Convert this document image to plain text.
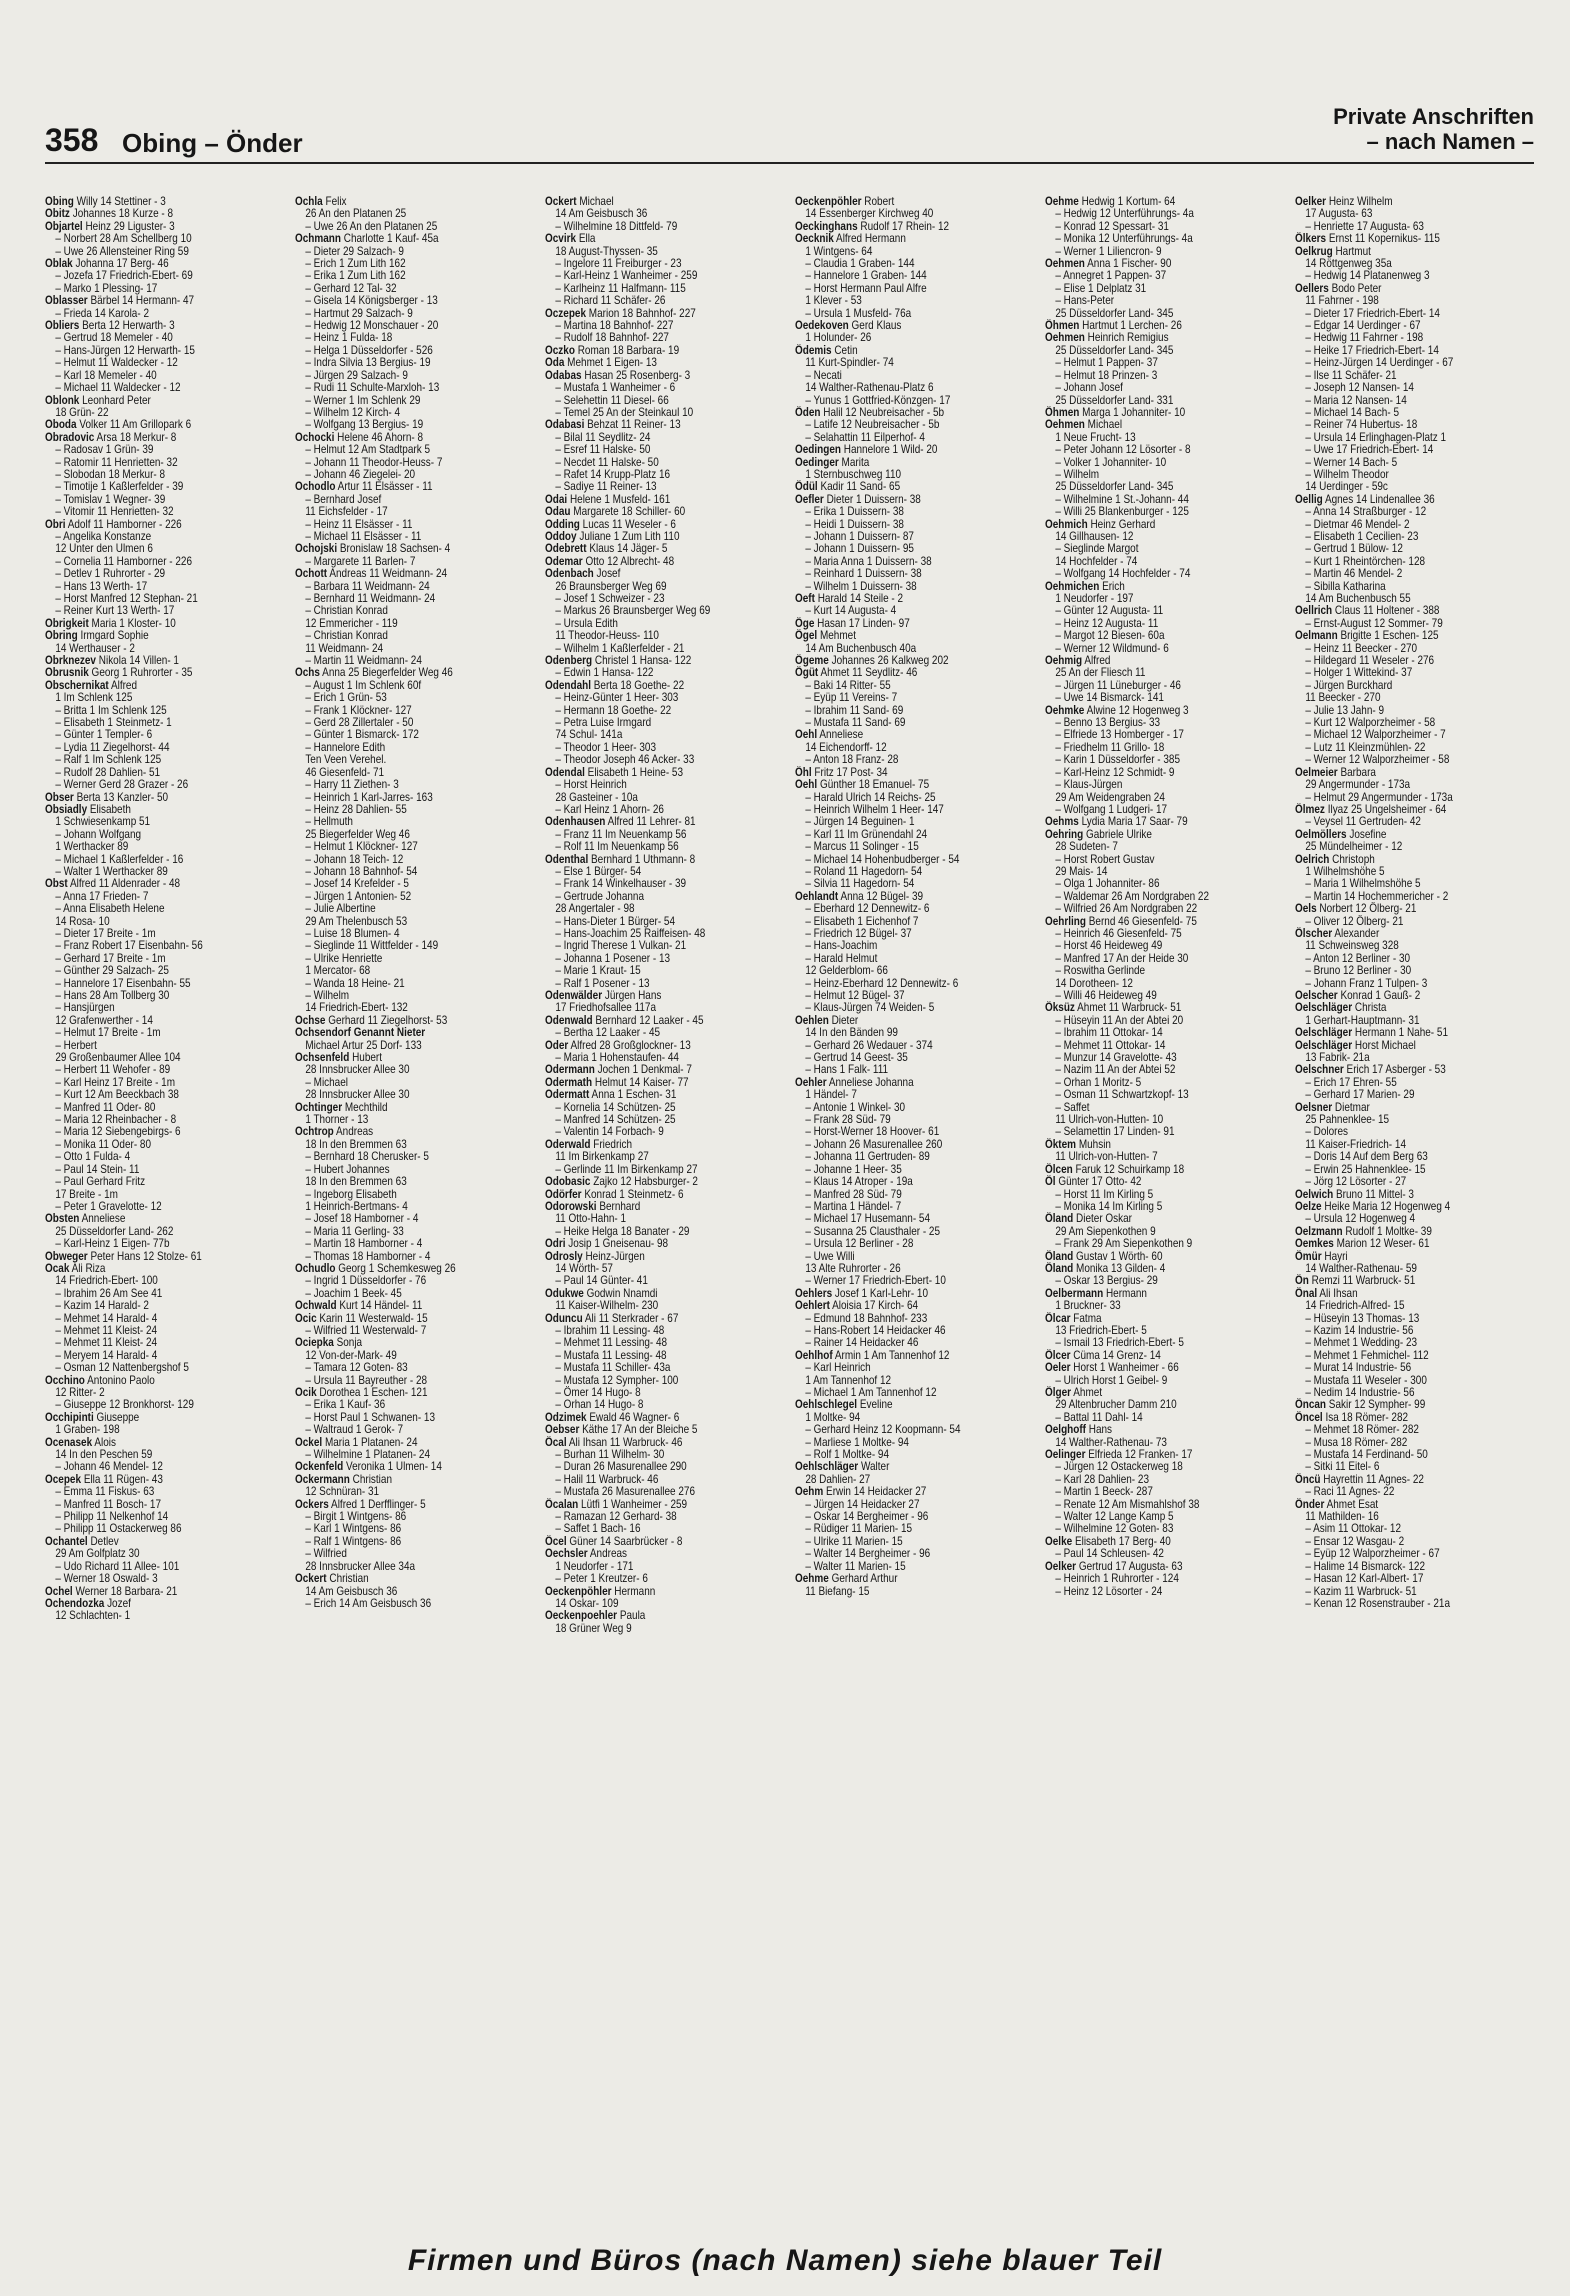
358 Obing – Önder
Private Anschriften
– nach Namen –
Obing Willy 14 Stettiner - 3
Obitz Johannes 18 Kurze - 8
Objartel Heinz 29 Liguster- 3
– Norbert 28 Am Schellberg 10
– Uwe 26 Allensteiner Ring 59
Oblak Johanna 17 Berg- 46
– Jozefa 17 Friedrich-Ebert- 69
– Marko 1 Plessing- 17
Oblasser Bärbel 14 Hermann- 47
– Frieda 14 Karola- 2
Obliers Berta 12 Herwarth- 3
– Gertrud 18 Memeler - 40
– Hans-Jürgen 12 Herwarth- 15
– Helmut 11 Waldecker - 12
– Karl 18 Memeler - 40
– Michael 11 Waldecker - 12
Oblonk Leonhard Peter
18 Grün- 22
Oboda Volker 11 Am Grillopark 6
Obradovic Arsa 18 Merkur- 8
– Radosav 1 Grün- 39
– Ratomir 11 Henrietten- 32
– Slobodan 18 Merkur- 8
– Timotije 1 Kaßlerfelder - 39
– Tomislav 1 Wegner- 39
– Vitomir 11 Henrietten- 32
Obri Adolf 11 Hamborner - 226
– Angelika Konstanze
12 Unter den Ulmen 6
– Cornelia 11 Hamborner - 226
– Detlev 1 Ruhrorter - 29
– Hans 13 Werth- 17
– Horst Manfred 12 Stephan- 21
– Reiner Kurt 13 Werth- 17
Obrigkeit Maria 1 Kloster- 10
Obring Irmgard Sophie
14 Werthauser - 2
Obrknezev Nikola 14 Villen- 1
Obrusnik Georg 1 Ruhrorter - 35
Obschernikat Alfred
1 Im Schlenk 125
– Britta 1 Im Schlenk 125
– Elisabeth 1 Steinmetz- 1
– Günter 1 Templer- 6
– Lydia 11 Ziegelhorst- 44
– Ralf 1 Im Schlenk 125
– Rudolf 28 Dahlien- 51
– Werner Gerd 28 Grazer - 26
Obser Berta 13 Kanzler- 50
Obsiadly Elisabeth
1 Schwiesenkamp 51
– Johann Wolfgang
1 Werthacker 89
– Michael 1 Kaßlerfelder - 16
– Walter 1 Werthacker 89
Obst Alfred 11 Aldenrader - 48
– Anna 17 Frieden- 7
– Anna Elisabeth Helene
14 Rosa- 10
– Dieter 17 Breite - 1m
– Franz Robert 17 Eisenbahn- 56
– Gerhard 17 Breite - 1m
– Günther 29 Salzach- 25
– Hannelore 17 Eisenbahn- 55
– Hans 28 Am Tollberg 30
– Hansjürgen
12 Grafenwerther - 14
– Helmut 17 Breite - 1m
– Herbert
29 Großenbaumer Allee 104
– Herbert 11 Wehofer - 89
– Karl Heinz 17 Breite - 1m
– Kurt 12 Am Beeckbach 38
– Manfred 11 Oder- 80
– Maria 12 Rheinbacher - 8
– Maria 12 Siebengebirgs- 6
– Monika 11 Oder- 80
– Otto 1 Fulda- 4
– Paul 14 Stein- 11
– Paul Gerhard Fritz
17 Breite - 1m
– Peter 1 Gravelotte- 12
Obsten Anneliese
25 Düsseldorfer Land- 262
– Karl-Heinz 1 Eigen- 77b
Obweger Peter Hans 12 Stolze- 61
Ocak Ali Riza
14 Friedrich-Ebert- 100
– Ibrahim 26 Am See 41
– Kazim 14 Harald- 2
– Mehmet 14 Harald- 4
– Mehmet 11 Kleist- 24
– Mehmet 11 Kleist- 24
– Meryem 14 Harald- 4
– Osman 12 Nattenbergshof 5
Occhino Antonino Paolo
12 Ritter- 2
– Giuseppe 12 Bronkhorst- 129
Occhipinti Giuseppe
1 Graben- 198
Ocenasek Alois
14 In den Peschen 59
– Johann 46 Mendel- 12
Ocepek Ella 11 Rügen- 43
– Emma 11 Fiskus- 63
– Manfred 11 Bosch- 17
– Philipp 11 Nelkenhof 14
– Philipp 11 Ostackerweg 86
Ochantel Detlev
29 Am Golfplatz 30
– Udo Richard 11 Allee- 101
– Werner 18 Oswald- 3
Ochel Werner 18 Barbara- 21
Ochendozka Jozef
12 Schlachten- 1
Ochla Felix
26 An den Platanen 25
– Uwe 26 An den Platanen 25
Ochmann Charlotte 1 Kauf- 45a
– Dieter 29 Salzach- 9
– Erich 1 Zum Lith 162
– Erika 1 Zum Lith 162
– Gerhard 12 Tal- 32
– Gisela 14 Königsberger - 13
– Hartmut 29 Salzach- 9
– Hedwig 12 Monschauer - 20
– Heinz 1 Fulda- 18
– Helga 1 Düsseldorfer - 526
– Indra Silvia 13 Bergius- 19
– Jürgen 29 Salzach- 9
– Rudi 11 Schulte-Marxloh- 13
– Werner 1 Im Schlenk 29
– Wilhelm 12 Kirch- 4
– Wolfgang 13 Bergius- 19
Ochocki Helene 46 Ahorn- 8
– Helmut 12 Am Stadtpark 5
– Johann 11 Theodor-Heuss- 7
– Johann 46 Ziegelei- 20
Ochodlo Artur 11 Elsässer - 11
– Bernhard Josef
11 Eichsfelder - 17
– Heinz 11 Elsässer - 11
– Michael 11 Elsässer - 11
Ochojski Bronislaw 18 Sachsen- 4
– Margarete 11 Barlen- 7
Ochott Andreas 11 Weidmann- 24
– Barbara 11 Weidmann- 24
– Bernhard 11 Weidmann- 24
– Christian Konrad
12 Emmericher - 119
– Christian Konrad
11 Weidmann- 24
– Martin 11 Weidmann- 24
Ochs Anna 25 Biegerfelder Weg 46
– August 1 Im Schlenk 60f
– Erich 1 Grün- 53
– Frank 1 Klöckner- 127
– Gerd 28 Zillertaler - 50
– Günter 1 Bismarck- 172
– Hannelore Edith
Ten Veen Verehel.
46 Giesenfeld- 71
– Harry 11 Ziethen- 3
– Heinrich 1 Karl-Jarres- 163
– Heinz 28 Dahlien- 55
– Hellmuth
25 Biegerfelder Weg 46
– Helmut 1 Klöckner- 127
– Johann 18 Teich- 12
– Johann 18 Bahnhof- 54
– Josef 14 Krefelder - 5
– Jürgen 1 Antonien- 52
– Julie Albertine
29 Am Thelenbusch 53
– Luise 18 Blumen- 4
– Sieglinde 11 Wittfelder - 149
– Ulrike Henriette
1 Mercator- 68
– Wanda 18 Heine- 21
– Wilhelm
14 Friedrich-Ebert- 132
Ochse Gerhard 11 Ziegelhorst- 53
Ochsendorf Genannt Nieter
Michael Artur 25 Dorf- 133
Ochsenfeld Hubert
28 Innsbrucker Allee 30
– Michael
28 Innsbrucker Allee 30
Ochtinger Mechthild
1 Thorner - 13
Ochtrop Andreas
18 In den Bremmen 63
– Bernhard 18 Cherusker- 5
– Hubert Johannes
18 In den Bremmen 63
– Ingeborg Elisabeth
1 Heinrich-Bertmans- 4
– Josef 18 Hamborner - 4
– Maria 11 Gerling- 33
– Martin 18 Hamborner - 4
– Thomas 18 Hamborner - 4
Ochudlo Georg 1 Schemkesweg 26
– Ingrid 1 Düsseldorfer - 76
– Joachim 1 Beek- 45
Ochwald Kurt 14 Händel- 11
Ocic Karin 11 Westerwald- 15
– Wilfried 11 Westerwald- 7
Ociepka Sonja
12 Von-der-Mark- 49
– Tamara 12 Goten- 83
– Ursula 11 Bayreuther - 28
Ocik Dorothea 1 Eschen- 121
– Erika 1 Kauf- 36
– Horst Paul 1 Schwanen- 13
– Waltraud 1 Gerok- 7
Ockel Maria 1 Platanen- 24
– Wilhelmine 1 Platanen- 24
Ockenfeld Veronika 1 Ulmen- 14
Ockermann Christian
12 Schnüran- 31
Ockers Alfred 1 Derfflinger- 5
– Birgit 1 Wintgens- 86
– Karl 1 Wintgens- 86
– Ralf 1 Wintgens- 86
– Wilfried
28 Innsbrucker Allee 34a
Ockert Christian
14 Am Geisbusch 36
– Erich 14 Am Geisbusch 36
Ockert Michael
14 Am Geisbusch 36
– Wilhelmine 18 Dittfeld- 79
Ocvirk Ella
18 August-Thyssen- 35
– Ingelore 11 Freiburger - 23
– Karl-Heinz 1 Wanheimer - 259
– Karlheinz 11 Halfmann- 115
– Richard 11 Schäfer- 26
Oczepek Marion 18 Bahnhof- 227
– Martina 18 Bahnhof- 227
– Rudolf 18 Bahnhof- 227
Oczko Roman 18 Barbara- 19
Oda Mehmet 1 Eigen- 13
Odabas Hasan 25 Rosenberg- 3
– Mustafa 1 Wanheimer - 6
– Selehettin 11 Diesel- 66
– Temel 25 An der Steinkaul 10
Odabasi Behzat 11 Reiner- 13
– Bilal 11 Seydlitz- 24
– Esref 11 Halske- 50
– Necdet 11 Halske- 50
– Rafet 14 Krupp-Platz 16
– Sadiye 11 Reiner- 13
Odai Helene 1 Musfeld- 161
Odau Margarete 18 Schiller- 60
Odding Lucas 11 Weseler - 6
Oddoy Juliane 1 Zum Lith 110
Odebrett Klaus 14 Jäger- 5
Odemar Otto 12 Albrecht- 48
Odenbach Josef
26 Braunsberger Weg 69
– Josef 1 Schweizer - 23
– Markus 26 Braunsberger Weg 69
– Ursula Edith
11 Theodor-Heuss- 110
– Wilhelm 1 Kaßlerfelder - 21
Odenberg Christel 1 Hansa- 122
– Edwin 1 Hansa- 122
Odendahl Berta 18 Goethe- 22
– Heinz-Günter 1 Heer- 303
– Hermann 18 Goethe- 22
– Petra Luise Irmgard
74 Schul- 141a
– Theodor 1 Heer- 303
– Theodor Joseph 46 Acker- 33
Odendal Elisabeth 1 Heine- 53
– Horst Heinrich
28 Gasteiner - 10a
– Karl Heinz 1 Ahorn- 26
Odenhausen Alfred 11 Lehrer- 81
– Franz 11 Im Neuenkamp 56
– Rolf 11 Im Neuenkamp 56
Odenthal Bernhard 1 Uthmann- 8
– Else 1 Bürger- 54
– Frank 14 Winkelhauser - 39
– Gertrude Johanna
28 Angertaler - 98
– Hans-Dieter 1 Bürger- 54
– Hans-Joachim 25 Raiffeisen- 48
– Ingrid Therese 1 Vulkan- 21
– Johanna 1 Posener - 13
– Marie 1 Kraut- 15
– Ralf 1 Posener - 13
Odenwälder Jürgen Hans
17 Friedhofsallee 117a
Odenwald Bernhard 12 Laaker - 45
– Bertha 12 Laaker - 45
Oder Alfred 28 Großglockner- 13
– Maria 1 Hohenstaufen- 44
Odermann Jochen 1 Denkmal- 7
Odermath Helmut 14 Kaiser- 77
Odermatt Anna 1 Eschen- 31
– Kornelia 14 Schützen- 25
– Manfred 14 Schützen- 25
– Valentin 14 Forbach- 9
Oderwald Friedrich
11 Im Birkenkamp 27
– Gerlinde 11 Im Birkenkamp 27
Odobasic Zajko 12 Habsburger- 2
Odörfer Konrad 1 Steinmetz- 6
Odorowski Bernhard
11 Otto-Hahn- 1
– Heike Helga 18 Banater - 29
Odri Josip 1 Gneisenau- 98
Odrosly Heinz-Jürgen
14 Wörth- 57
– Paul 14 Günter- 41
Odukwe Godwin Nnamdi
11 Kaiser-Wilhelm- 230
Oduncu Ali 11 Sterkrader - 67
– Ibrahim 11 Lessing- 48
– Mehmet 11 Lessing- 48
– Mustafa 11 Lessing- 48
– Mustafa 11 Schiller- 43a
– Mustafa 12 Sympher- 100
– Ömer 14 Hugo- 8
– Orhan 14 Hugo- 8
Odzimek Ewald 46 Wagner- 6
Oebser Käthe 17 An der Bleiche 5
Öcal Ali Ihsan 11 Warbruck- 46
– Burhan 11 Wilhelm- 30
– Duran 26 Masurenallee 290
– Halil 11 Warbruck- 46
– Mustafa 26 Masurenallee 276
Öcalan Lütfi 1 Wanheimer - 259
– Ramazan 12 Gerhard- 38
– Saffet 1 Bach- 16
Öcel Güner 14 Saarbrücker - 8
Oechsler Andreas
1 Neudorfer - 171
– Peter 1 Kreutzer- 6
Oeckenpöhler Hermann
14 Oskar- 109
Oeckenpoehler Paula
18 Grüner Weg 9
Oeckenpöhler Robert
14 Essenberger Kirchweg 40
Oeckinghans Rudolf 17 Rhein- 12
Oecknik Alfred Hermann
1 Wintgens- 64
– Claudia 1 Graben- 144
– Hannelore 1 Graben- 144
– Horst Hermann Paul Alfre
1 Klever - 53
– Ursula 1 Musfeld- 76a
Oedekoven Gerd Klaus
1 Holunder- 26
Ödemis Cetin
11 Kurt-Spindler- 74
– Necati
14 Walther-Rathenau-Platz 6
– Yunus 1 Gottfried-Könzgen- 17
Öden Halil 12 Neubreisacher - 5b
– Latife 12 Neubreisacher - 5b
– Selahattin 11 Eilperhof- 4
Oedingen Hannelore 1 Wild- 20
Oedinger Marita
1 Sternbuschweg 110
Ödül Kadir 11 Sand- 65
Oefler Dieter 1 Duissern- 38
– Erika 1 Duissern- 38
– Heidi 1 Duissern- 38
– Johann 1 Duissern- 87
– Johann 1 Duissern- 95
– Maria Anna 1 Duissern- 38
– Reinhard 1 Duissern- 38
– Wilhelm 1 Duissern- 38
Oeft Harald 14 Steile - 2
– Kurt 14 Augusta- 4
Öge Hasan 17 Linden- 97
Ögel Mehmet
14 Am Buchenbusch 40a
Ögeme Johannes 26 Kalkweg 202
Ögüt Ahmet 11 Seydlitz- 46
– Baki 14 Ritter- 55
– Eyüp 11 Vereins- 7
– Ibrahim 11 Sand- 69
– Mustafa 11 Sand- 69
Oehl Anneliese
14 Eichendorff- 12
– Anton 18 Franz- 28
Öhl Fritz 17 Post- 34
Oehl Günther 18 Emanuel- 75
– Harald Ulrich 14 Reichs- 25
– Heinrich Wilhelm 1 Heer- 147
– Jürgen 14 Beguinen- 1
– Karl 11 Im Grünendahl 24
– Marcus 11 Solinger - 15
– Michael 14 Hohenbudberger - 54
– Roland 11 Hagedorn- 54
– Silvia 11 Hagedorn- 54
Oehlandt Anna 12 Bügel- 39
– Eberhard 12 Dennewitz- 6
– Elisabeth 1 Eichenhof 7
– Friedrich 12 Bügel- 37
– Hans-Joachim
– Harald Helmut
12 Gelderblom- 66
– Heinz-Eberhard 12 Dennewitz- 6
– Helmut 12 Bügel- 37
– Klaus-Jürgen 74 Weiden- 5
Oehlen Dieter
14 In den Bänden 99
– Gerhard 26 Wedauer - 374
– Gertrud 14 Geest- 35
– Hans 1 Falk- 111
Oehler Anneliese Johanna
1 Händel- 7
– Antonie 1 Winkel- 30
– Frank 28 Süd- 79
– Horst-Werner 18 Hoover- 61
– Johann 26 Masurenallee 260
– Johanna 11 Gertruden- 89
– Johanne 1 Heer- 35
– Klaus 14 Atroper - 19a
– Manfred 28 Süd- 79
– Martina 1 Händel- 7
– Michael 17 Husemann- 54
– Susanna 25 Clausthaler - 25
– Ursula 12 Berliner - 28
– Uwe Willi
13 Alte Ruhrorter - 26
– Werner 17 Friedrich-Ebert- 10
Oehlers Josef 1 Karl-Lehr- 10
Oehlert Aloisia 17 Kirch- 64
– Edmund 18 Bahnhof- 233
– Hans-Robert 14 Heidacker 46
– Rainer 14 Heidacker 46
Oehlhof Armin 1 Am Tannenhof 12
– Karl Heinrich
1 Am Tannenhof 12
– Michael 1 Am Tannenhof 12
Oehlschlegel Eveline
1 Moltke- 94
– Gerhard Heinz 12 Koopmann- 54
– Marliese 1 Moltke- 94
– Rolf 1 Moltke- 94
Oehlschläger Walter
28 Dahlien- 27
Oehm Erwin 14 Heidacker 27
– Jürgen 14 Heidacker 27
– Oskar 14 Bergheimer - 96
– Rüdiger 11 Marien- 15
– Ulrike 11 Marien- 15
– Walter 14 Bergheimer - 96
– Walter 11 Marien- 15
Oehme Gerhard Arthur
11 Biefang- 15
Oehme Hedwig 1 Kortum- 64
– Hedwig 12 Unterführungs- 4a
– Konrad 12 Spessart- 31
– Monika 12 Unterführungs- 4a
– Werner 1 Liliencron- 9
Oehmen Anna 1 Fischer- 90
– Annegret 1 Pappen- 37
– Elise 1 Delplatz 31
– Hans-Peter
25 Düsseldorfer Land- 345
Öhmen Hartmut 1 Lerchen- 26
Oehmen Heinrich Remigius
25 Düsseldorfer Land- 345
– Helmut 1 Pappen- 37
– Helmut 18 Prinzen- 3
– Johann Josef
25 Düsseldorfer Land- 331
Öhmen Marga 1 Johanniter- 10
Oehmen Michael
1 Neue Frucht- 13
– Peter Johann 12 Lösorter - 8
– Volker 1 Johanniter- 10
– Wilhelm
25 Düsseldorfer Land- 345
– Wilhelmine 1 St.-Johann- 44
– Willi 25 Blankenburger - 125
Oehmich Heinz Gerhard
14 Gillhausen- 12
– Sieglinde Margot
14 Hochfelder - 74
– Wolfgang 14 Hochfelder - 74
Oehmichen Erich
1 Neudorfer - 197
– Günter 12 Augusta- 11
– Heinz 12 Augusta- 11
– Margot 12 Biesen- 60a
– Werner 12 Wildmund- 6
Oehmig Alfred
25 An der Fliesch 11
– Jürgen 11 Lüneburger - 46
– Uwe 14 Bismarck- 141
Oehmke Alwine 12 Hogenweg 3
– Benno 13 Bergius- 33
– Elfriede 13 Homberger - 17
– Friedhelm 11 Grillo- 18
– Karin 1 Düsseldorfer - 385
– Karl-Heinz 12 Schmidt- 9
– Klaus-Jürgen
29 Am Weidengraben 24
– Wolfgang 1 Ludgeri- 17
Oehms Lydia Maria 17 Saar- 79
Oehring Gabriele Ulrike
28 Sudeten- 7
– Horst Robert Gustav
29 Mais- 14
– Olga 1 Johanniter- 86
– Waldemar 26 Am Nordgraben 22
– Wilfried 26 Am Nordgraben 22
Oehrling Bernd 46 Giesenfeld- 75
– Heinrich 46 Giesenfeld- 75
– Horst 46 Heideweg 49
– Manfred 17 An der Heide 30
– Roswitha Gerlinde
14 Dorotheen- 12
– Willi 46 Heideweg 49
Öksüz Ahmet 11 Warbruck- 51
– Hüseyin 11 An der Abtei 20
– Ibrahim 11 Ottokar- 14
– Mehmet 11 Ottokar- 14
– Munzur 14 Gravelotte- 43
– Nazim 11 An der Abtei 52
– Orhan 1 Moritz- 5
– Osman 11 Schwartzkopf- 13
– Saffet
11 Ulrich-von-Hutten- 10
– Selamettin 17 Linden- 91
Öktem Muhsin
11 Ulrich-von-Hutten- 7
Ölcen Faruk 12 Schuirkamp 18
Öl Günter 17 Otto- 42
– Horst 11 Im Kirling 5
– Monika 14 Im Kirling 5
Öland Dieter Oskar
29 Am Siepenkothen 9
– Frank 29 Am Siepenkothen 9
Öland Gustav 1 Wörth- 60
Öland Monika 13 Gilden- 4
– Oskar 13 Bergius- 29
Oelbermann Hermann
1 Bruckner- 33
Ölcar Fatma
13 Friedrich-Ebert- 5
– Ismail 13 Friedrich-Ebert- 5
Ölcer Cüma 14 Grenz- 14
Oeler Horst 1 Wanheimer - 66
– Ulrich Horst 1 Geibel- 9
Ölger Ahmet
29 Altenbrucher Damm 210
– Battal 11 Dahl- 14
Oelghoff Hans
14 Walther-Rathenau- 73
Oelinger Elfrieda 12 Franken- 17
– Jürgen 12 Ostackerweg 18
– Karl 28 Dahlien- 23
– Martin 1 Beeck- 287
– Renate 12 Am Mismahlshof 38
– Walter 12 Lange Kamp 5
– Wilhelmine 12 Goten- 83
Oelke Elisabeth 17 Berg- 40
– Paul 14 Schleusen- 42
Oelker Gertrud 17 Augusta- 63
– Heinrich 1 Ruhrorter - 124
– Heinz 12 Lösorter - 24
Oelker Heinz Wilhelm
17 Augusta- 63
– Henriette 17 Augusta- 63
Ölkers Ernst 11 Kopernikus- 115
Oelkrug Hartmut
14 Röttgenweg 35a
– Hedwig 14 Platanenweg 3
Oellers Bodo Peter
11 Fahrner - 198
– Dieter 17 Friedrich-Ebert- 14
– Edgar 14 Uerdinger - 67
– Hedwig 11 Fahrner - 198
– Heike 17 Friedrich-Ebert- 14
– Heinz-Jürgen 14 Uerdinger - 67
– Ilse 11 Schäfer- 21
– Joseph 12 Nansen- 14
– Maria 12 Nansen- 14
– Michael 14 Bach- 5
– Reiner 74 Hubertus- 18
– Ursula 14 Erlinghagen-Platz 1
– Uwe 17 Friedrich-Ebert- 14
– Werner 14 Bach- 5
– Wilhelm Theodor
14 Uerdinger - 59c
Oellig Agnes 14 Lindenallee 36
– Anna 14 Straßburger - 12
– Dietmar 46 Mendel- 2
– Elisabeth 1 Cecilien- 23
– Gertrud 1 Bülow- 12
– Kurt 1 Rheintörchen- 128
– Martin 46 Mendel- 2
– Sibilla Katharina
14 Am Buchenbusch 55
Oellrich Claus 11 Holtener - 388
– Ernst-August 12 Sommer- 79
Oelmann Brigitte 1 Eschen- 125
– Heinz 11 Beecker - 270
– Hildegard 11 Weseler - 276
– Holger 1 Wittekind- 37
– Jürgen Burckhard
11 Beecker - 270
– Julie 13 Jahn- 9
– Kurt 12 Walporzheimer - 58
– Michael 12 Walporzheimer - 7
– Lutz 11 Kleinzmühlen- 22
– Werner 12 Walporzheimer - 58
Oelmeier Barbara
29 Angermunder - 173a
– Helmut 29 Angermunder - 173a
Ölmez Ilyaz 25 Ungelsheimer - 64
– Veysel 11 Gertruden- 42
Oelmöllers Josefine
25 Mündelheimer - 12
Oelrich Christoph
1 Wilhelmshöhe 5
– Maria 1 Wilhelmshöhe 5
– Martin 14 Hochemmericher - 2
Oels Norbert 12 Ölberg- 21
– Oliver 12 Ölberg- 21
Ölscher Alexander
11 Schweinsweg 328
– Anton 12 Berliner - 30
– Bruno 12 Berliner - 30
– Johann Franz 1 Tulpen- 3
Oelscher Konrad 1 Gauß- 2
Oelschläger Christa
1 Gerhart-Hauptmann- 31
Oelschläger Hermann 1 Nahe- 51
Oelschläger Horst Michael
13 Fabrik- 21a
Oelschner Erich 17 Asberger - 53
– Erich 17 Ehren- 55
– Gerhard 17 Marien- 29
Oelsner Dietmar
25 Pahnenklee- 15
– Dolores
11 Kaiser-Friedrich- 14
– Doris 14 Auf dem Berg 63
– Erwin 25 Hahnenklee- 15
– Jörg 12 Lösorter - 27
Oelwich Bruno 11 Mittel- 3
Oelze Heike Maria 12 Hogenweg 4
– Ursula 12 Hogenweg 4
Oelzmann Rudolf 1 Moltke- 39
Oemkes Marion 12 Weser- 61
Ömür Hayri
14 Walther-Rathenau- 59
Ön Remzi 11 Warbruck- 51
Önal Ali Ihsan
14 Friedrich-Alfred- 15
– Hüseyin 13 Thomas- 13
– Kazim 14 Industrie- 56
– Mehmet 1 Wedding- 23
– Mehmet 1 Fehmichel- 112
– Murat 14 Industrie- 56
– Mustafa 11 Weseler - 300
– Nedim 14 Industrie- 56
Öncan Sakir 12 Sympher- 99
Öncel Isa 18 Römer- 282
– Mehmet 18 Römer- 282
– Musa 18 Römer- 282
– Mustafa 14 Ferdinand- 50
– Sitki 11 Eitel- 6
Öncü Hayrettin 11 Agnes- 22
– Raci 11 Agnes- 22
Önder Ahmet Esat
11 Mathilden- 16
– Asim 11 Ottokar- 12
– Ensar 12 Wasgau- 2
– Eyüp 12 Walporzheimer - 67
– Halime 14 Bismarck- 122
– Hasan 12 Karl-Albert- 17
– Kazim 11 Warbruck- 51
– Kenan 12 Rosenstrauber - 21a
Firmen und Büros (nach Namen) siehe blauer Teil
